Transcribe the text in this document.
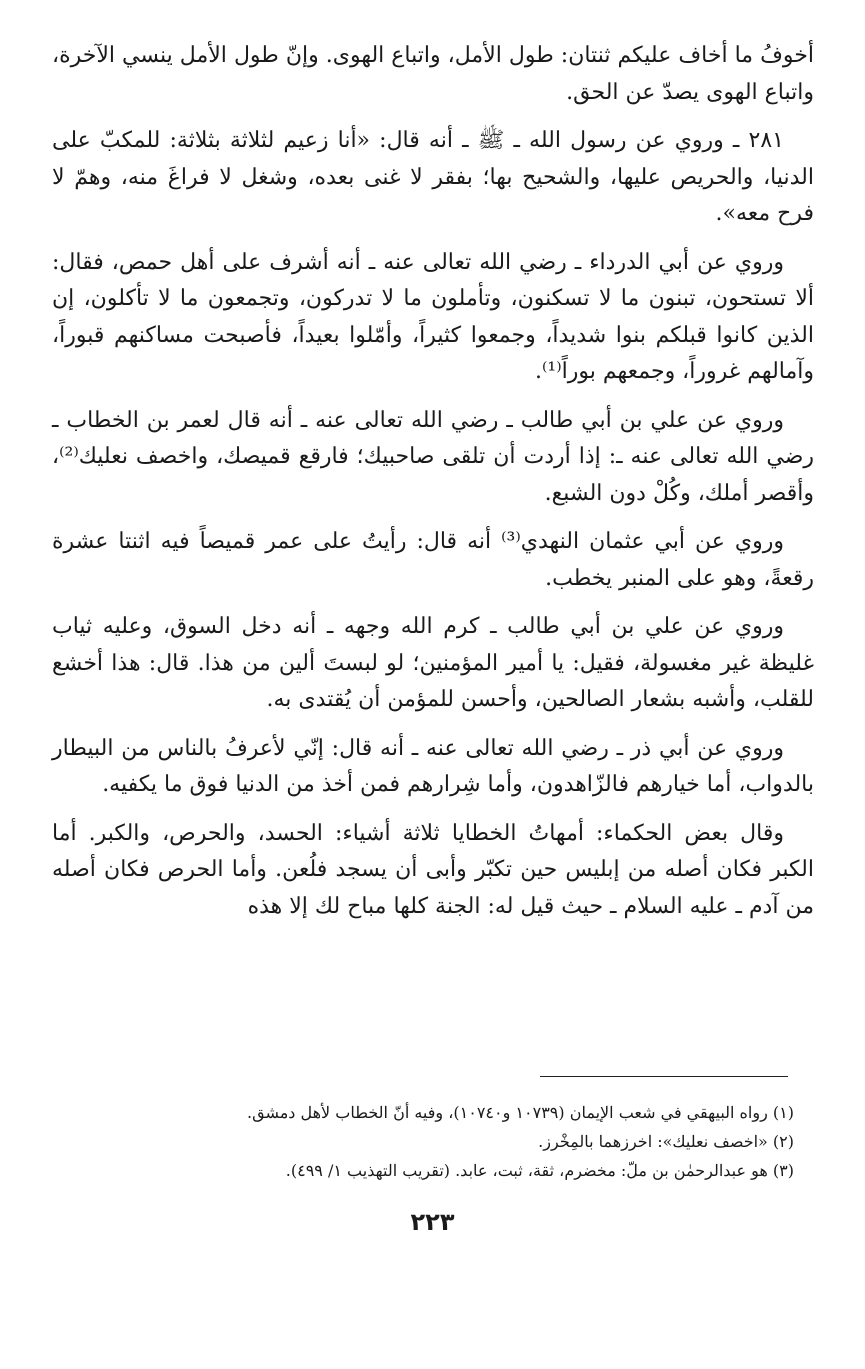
أخوفُ ما أخاف عليكم ثنتان: طول الأمل، واتباع الهوى. وإنّ طول الأمل ينسي الآخرة، واتباع الهوى يصدّ عن الحق.

٢٨١ ـ وروي عن رسول الله ـ ﷺ ـ أنه قال: «أنا زعيم لثلاثة بثلاثة: للمكبّ على الدنيا، والحريص عليها، والشحيح بها؛ بفقر لا غنى بعده، وشغل لا فراغَ منه، وهمّ لا فرح معه».

وروي عن أبي الدرداء ـ رضي الله تعالى عنه ـ أنه أشرف على أهل حمص، فقال: ألا تستحون، تبنون ما لا تسكنون، وتأملون ما لا تدركون، وتجمعون ما لا تأكلون، إن الذين كانوا قبلكم بنوا شديداً، وجمعوا كثيراً، وأمّلوا بعيداً، فأصبحت مساكنهم قبوراً، وآمالهم غروراً، وجمعهم بوراً⁽¹⁾.

وروي عن علي بن أبي طالب ـ رضي الله تعالى عنه ـ أنه قال لعمر بن الخطاب ـ رضي الله تعالى عنه ـ: إذا أردت أن تلقى صاحبيك؛ فارقع قميصك، واخصف نعليك⁽²⁾، وأقصر أملك، وكُلْ دون الشبع.

وروي عن أبي عثمان النهدي⁽³⁾ أنه قال: رأيتُ على عمر قميصاً فيه اثنتا عشرة رقعةً، وهو على المنبر يخطب.

وروي عن علي بن أبي طالب ـ كرم الله وجهه ـ أنه دخل السوق، وعليه ثياب غليظة غير مغسولة، فقيل: يا أمير المؤمنين؛ لو لبستَ ألين من هذا. قال: هذا أخشع للقلب، وأشبه بشعار الصالحين، وأحسن للمؤمن أن يُقتدى به.

وروي عن أبي ذر ـ رضي الله تعالى عنه ـ أنه قال: إنّي لأعرفُ بالناس من البيطار بالدواب، أما خيارهم فالزّاهدون، وأما شِرارهم فمن أخذ من الدنيا فوق ما يكفيه.

وقال بعض الحكماء: أمهاتُ الخطايا ثلاثة أشياء: الحسد، والحرص، والكبر. أما الكبر فكان أصله من إبليس حين تكبّر وأبى أن يسجد فلُعن. وأما الحرص فكان أصله من آدم ـ عليه السلام ـ حيث قيل له: الجنة كلها مباح لك إلا هذه

(١) رواه البيهقي في شعب الإيمان (١٠٧٣٩ و١٠٧٤٠)، وفيه أنّ الخطاب لأهل دمشق.

(٢) «اخصف نعليك»: اخرزهما بالمِخْرز.

(٣) هو عبدالرحمٰن بن ملّ: مخضرم، ثقة، ثبت، عابد. (تقريب التهذيب ١/ ٤٩٩).

٢٢٣
